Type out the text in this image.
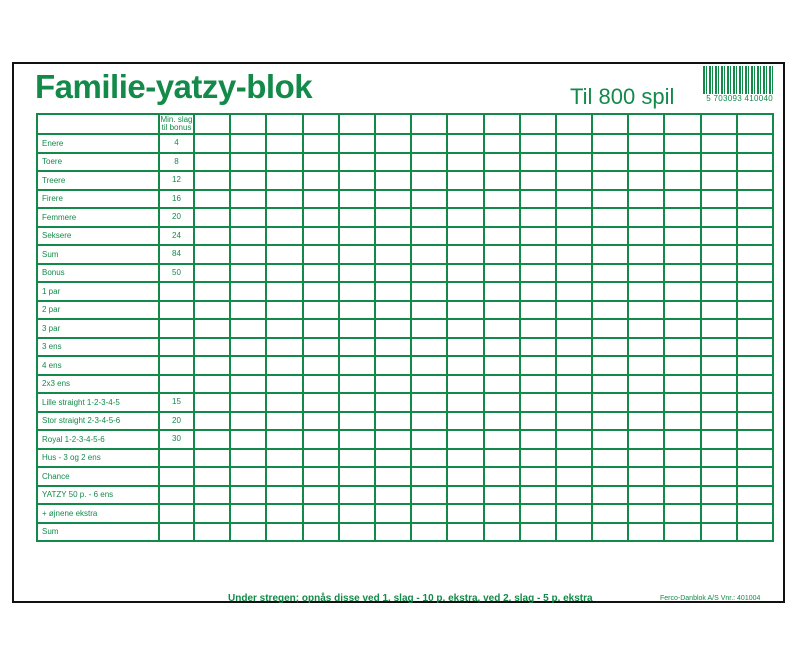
Familie-yatzy-blok	Til 800 spil	5 703093 410040
	Min. slag til bonus																
Enere	4																
Toere	8																
Treere	12																
Firere	16																
Femmere	20																
Seksere	24																
Sum	84																
Bonus	50																
1 par																	
2 par																	
3 par																	
3 ens																	
4 ens																	
2x3 ens																	
Lille straight 1-2-3-4-5	15																
Stor straight 2-3-4-5-6	20																
Royal 1-2-3-4-5-6	30																
Hus - 3 og 2 ens																	
Chance																	
YATZY 50 p. - 6 ens																	
+ øjnene ekstra																	
Sum																	
Under stregen; opnås disse ved 1. slag - 10 p. ekstra, ved 2. slag - 5 p. ekstra	Ferco-Danblok A/S Vnr.: 401004
